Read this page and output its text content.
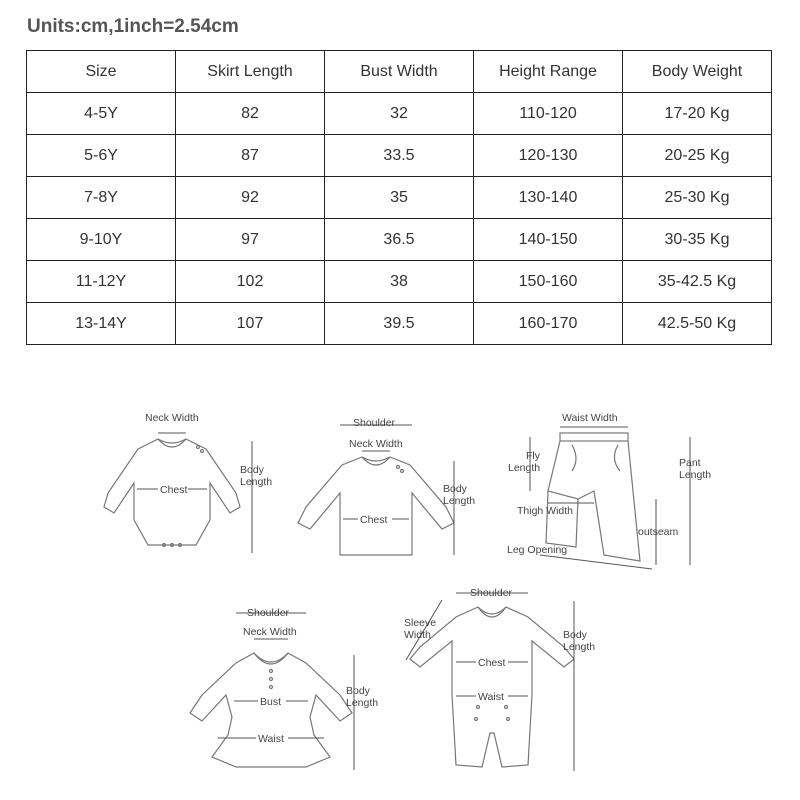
Units:cm,1inch=2.54cm
Size	Skirt Length	Bust Width	Height Range	Body Weight
4-5Y	82	32	110-120	17-20 Kg
5-6Y	87	33.5	120-130	20-25 Kg
7-8Y	92	35	130-140	25-30 Kg
9-10Y	97	36.5	140-150	30-35 Kg
11-12Y	102	38	150-160	35-42.5 Kg
13-14Y	107	39.5	160-170	42.5-50 Kg
Neck Width
Body
Length
Chest
Shoulder
Neck Width
Body
Length
Chest
Waist Width
Fly
Length	Pant
Length
Thigh Width
outseam
Leg Opening
Shoulder
Neck Width
Body
Length
Bust
Waist
Shoulder
Sleeve
Width	Body
Length
Chest
Waist
